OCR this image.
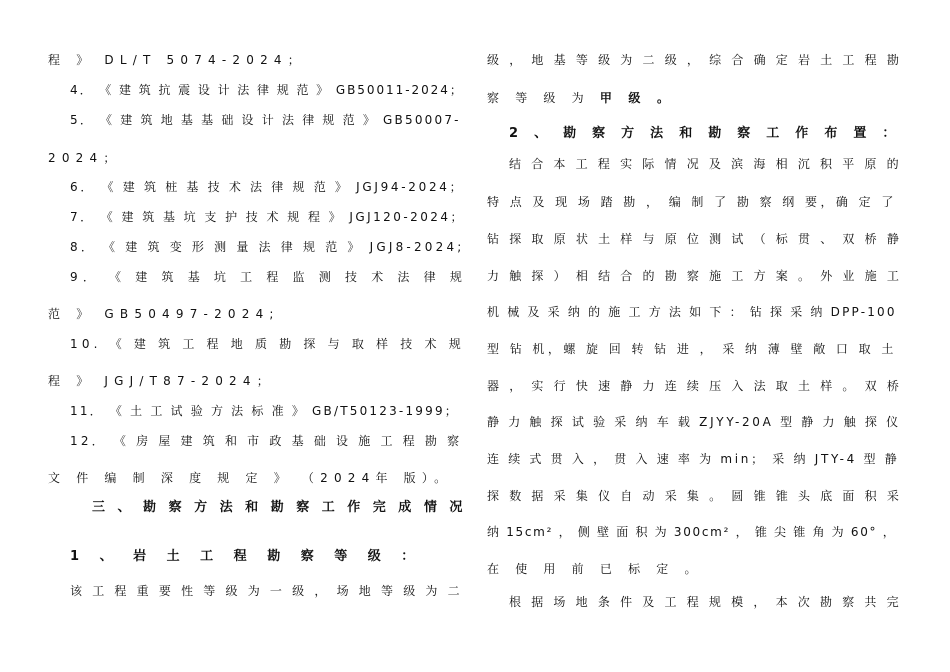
程 》 DL/T 5074-2024；
4． 《 建 筑 抗 震 设 计 法 律 规 范 》 GB50011-2024；
5． 《 建 筑 地 基 基 础 设 计 法 律 规 范 》 GB50007-
2024；
6． 《 建 筑 桩 基 技 术 法 律 规 范 》 JGJ94-2024；
7． 《 建 筑 基 坑 支 护 技 术 规 程 》 JGJ120-2024；
8． 《 建 筑 变 形 测 量 法 律 规 范 》 JGJ8-2024;
9． 《 建 筑 基 坑 工 程 监 测 技 术 法 律 规
范 》 GB50497-2024;
10. 《 建 筑 工 程 地 质 勘 探 与 取 样 技 术 规
程 》 JGJ/T87-2024；
11． 《 土 工 试 验 方 法 标 准 》 GB/T50123-1999；
12． 《 房 屋 建 筑 和 市 政 基 础 设 施 工 程 勘 察
文 件 编 制 深 度 规 定 》 （2024年 版）。
三 、 勘 察 方 法 和 勘 察 工 作 完 成 情 况
1 、 岩 土 工 程 勘 察 等 级 ：
该 工 程 重 要 性 等 级 为 一 级 ， 场 地 等 级 为 二
级 ， 地 基 等 级 为 二 级 ， 综 合 确 定 岩 土 工 程 勘
察 等 级 为 甲 级 。
2 、 勘 察 方 法 和 勘 察 工 作 布 置 ：
结 合 本 工 程 实 际 情 况 及 滨 海 相 沉 积 平 原 的
特 点 及 现 场 踏 勘 ， 编 制 了 勘 察 纲 要，确 定 了
钻 探 取 原 状 土 样 与 原 位 测 试 （ 标 贯 、 双 桥 静
力 触 探 ） 相 结 合 的 勘 察 施 工 方 案 。 外 业 施 工
机 械 及 采 纳 的 施 工 方 法 如 下 ： 钻 探 采 纳 DPP-100
型 钻 机，螺 旋 回 转 钻 进 ， 采 纳 薄 壁 敞 口 取 土
器 ， 实 行 快 速 静 力 连 续 压 入 法 取 土 样 。 双 桥
静 力 触 探 试 验 采 纳 车 载 ZJYY-20A 型 静 力 触 探 仪
连 续 式 贯 入 ， 贯 入 速 率 为 min； 采 纳 JTY-4 型 静
探 数 据 采 集 仪 自 动 采 集 。 圆 锥 锥 头 底 面 积 采
纳 15cm² ， 侧 壁 面 积 为 300cm² ， 锥 尖 锥 角 为 60° ，
在 使 用 前 已 标 定 。
根 据 场 地 条 件 及 工 程 规 模 ， 本 次 勘 察 共 完
